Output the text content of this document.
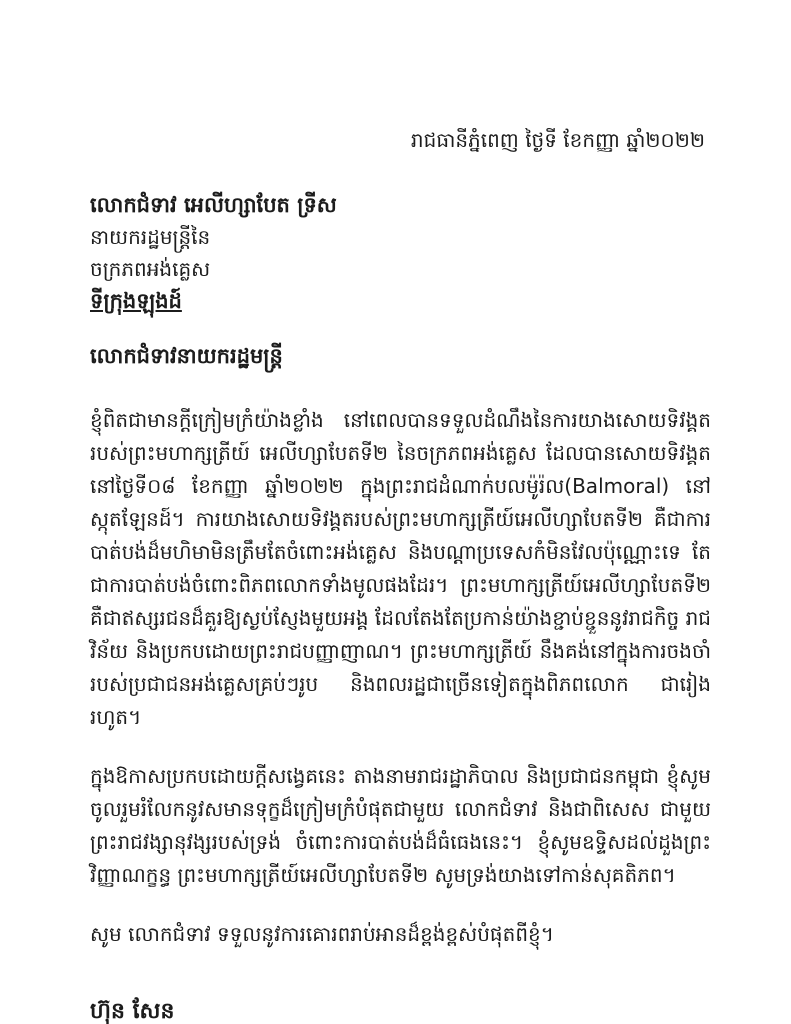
រាជធានីភ្នំពេញ ថ្ងៃទី ខែកញ្ញា ឆ្នាំ២០២២
លោកជំទាវ អេលីហ្សាបែត ទ្រីស
នាយករដ្ឋមន្ត្រីនៃ
ចក្រភពអង់គ្លេស
ទីក្រុងឡុងដ៍
លោកជំទាវនាយករដ្ឋមន្ត្រី

ខ្ញុំពិតជាមានក្ដីក្រៀមក្រំយ៉ាងខ្លាំង នៅពេលបានទទួលដំណឹងនៃការយាងសោយទិវង្គតរបស់ព្រះមហាក្សត្រីយ៍ អេលីហ្សាបែតទី២ នៃចក្រភពអង់គ្លេស ដែលបានសោយទិវង្គតនៅថ្ងៃទី០៨ ខែកញ្ញា ឆ្នាំ២០២២ ក្នុងព្រះរាជដំណាក់បលម៉ូរ៉ល(Balmoral) នៅស្កុតឡែនដ៍។ ការយាងសោយទិវង្គតរបស់ព្រះមហាក្សត្រីយ៍អេលីហ្សាបែតទី២ គឺជាការបាត់បង់ដ៏មហិមាមិនត្រឹមតែចំពោះអង់គ្លេស និងបណ្ដាប្រទេសកំមិនវែលប៉ុណ្ណោះទេ តែជាការបាត់បង់ចំពោះពិភពលោកទាំងមូលផងដែរ។ ព្រះមហាក្សត្រីយ៍អេលីហ្សាបែតទី២ គឺជាឥស្សរជនដ៏គួរឱ្យស្ងប់ស្ញែងមួយអង្គ ដែលតែងតែប្រកាន់យ៉ាងខ្ជាប់ខ្ជួននូវរាជកិច្ច រាជវិន័យ និងប្រកបដោយព្រះរាជបញ្ញាញាណ។ ព្រះមហាក្សត្រីយ៍ នឹងគង់នៅក្នុងការចងចាំរបស់ប្រជាជនអង់គ្លេសគ្រប់ៗរូប និងពលរដ្ឋជាច្រើនទៀតក្នុងពិភពលោក ជារៀងរហូត។

ក្នុងឱកាសប្រកបដោយក្ដីសង្វេគនេះ តាងនាមរាជរដ្ឋាភិបាល និងប្រជាជនកម្ពុជា ខ្ញុំសូមចូលរួមរំលែកនូវសមានទុក្ខដ៏ក្រៀមក្រំបំផុតជាមួយ លោកជំទាវ និងជាពិសេស ជាមួយព្រះរាជវង្សានុវង្សរបស់ទ្រង់ ចំពោះការបាត់បង់ដ៏ធំធេងនេះ។ ខ្ញុំសូមឧទ្ទិសដល់ដួងព្រះវិញ្ញាណក្ខន្ធ ព្រះមហាក្សត្រីយ៍អេលីហ្សាបែតទី២ សូមទ្រង់យាងទៅកាន់សុគតិភព។

សូម លោកជំទាវ ទទួលនូវការគោរពរាប់អានដ៏ខ្ពង់ខ្ពស់បំផុតពីខ្ញុំ។
ហ៊ុន សែន
